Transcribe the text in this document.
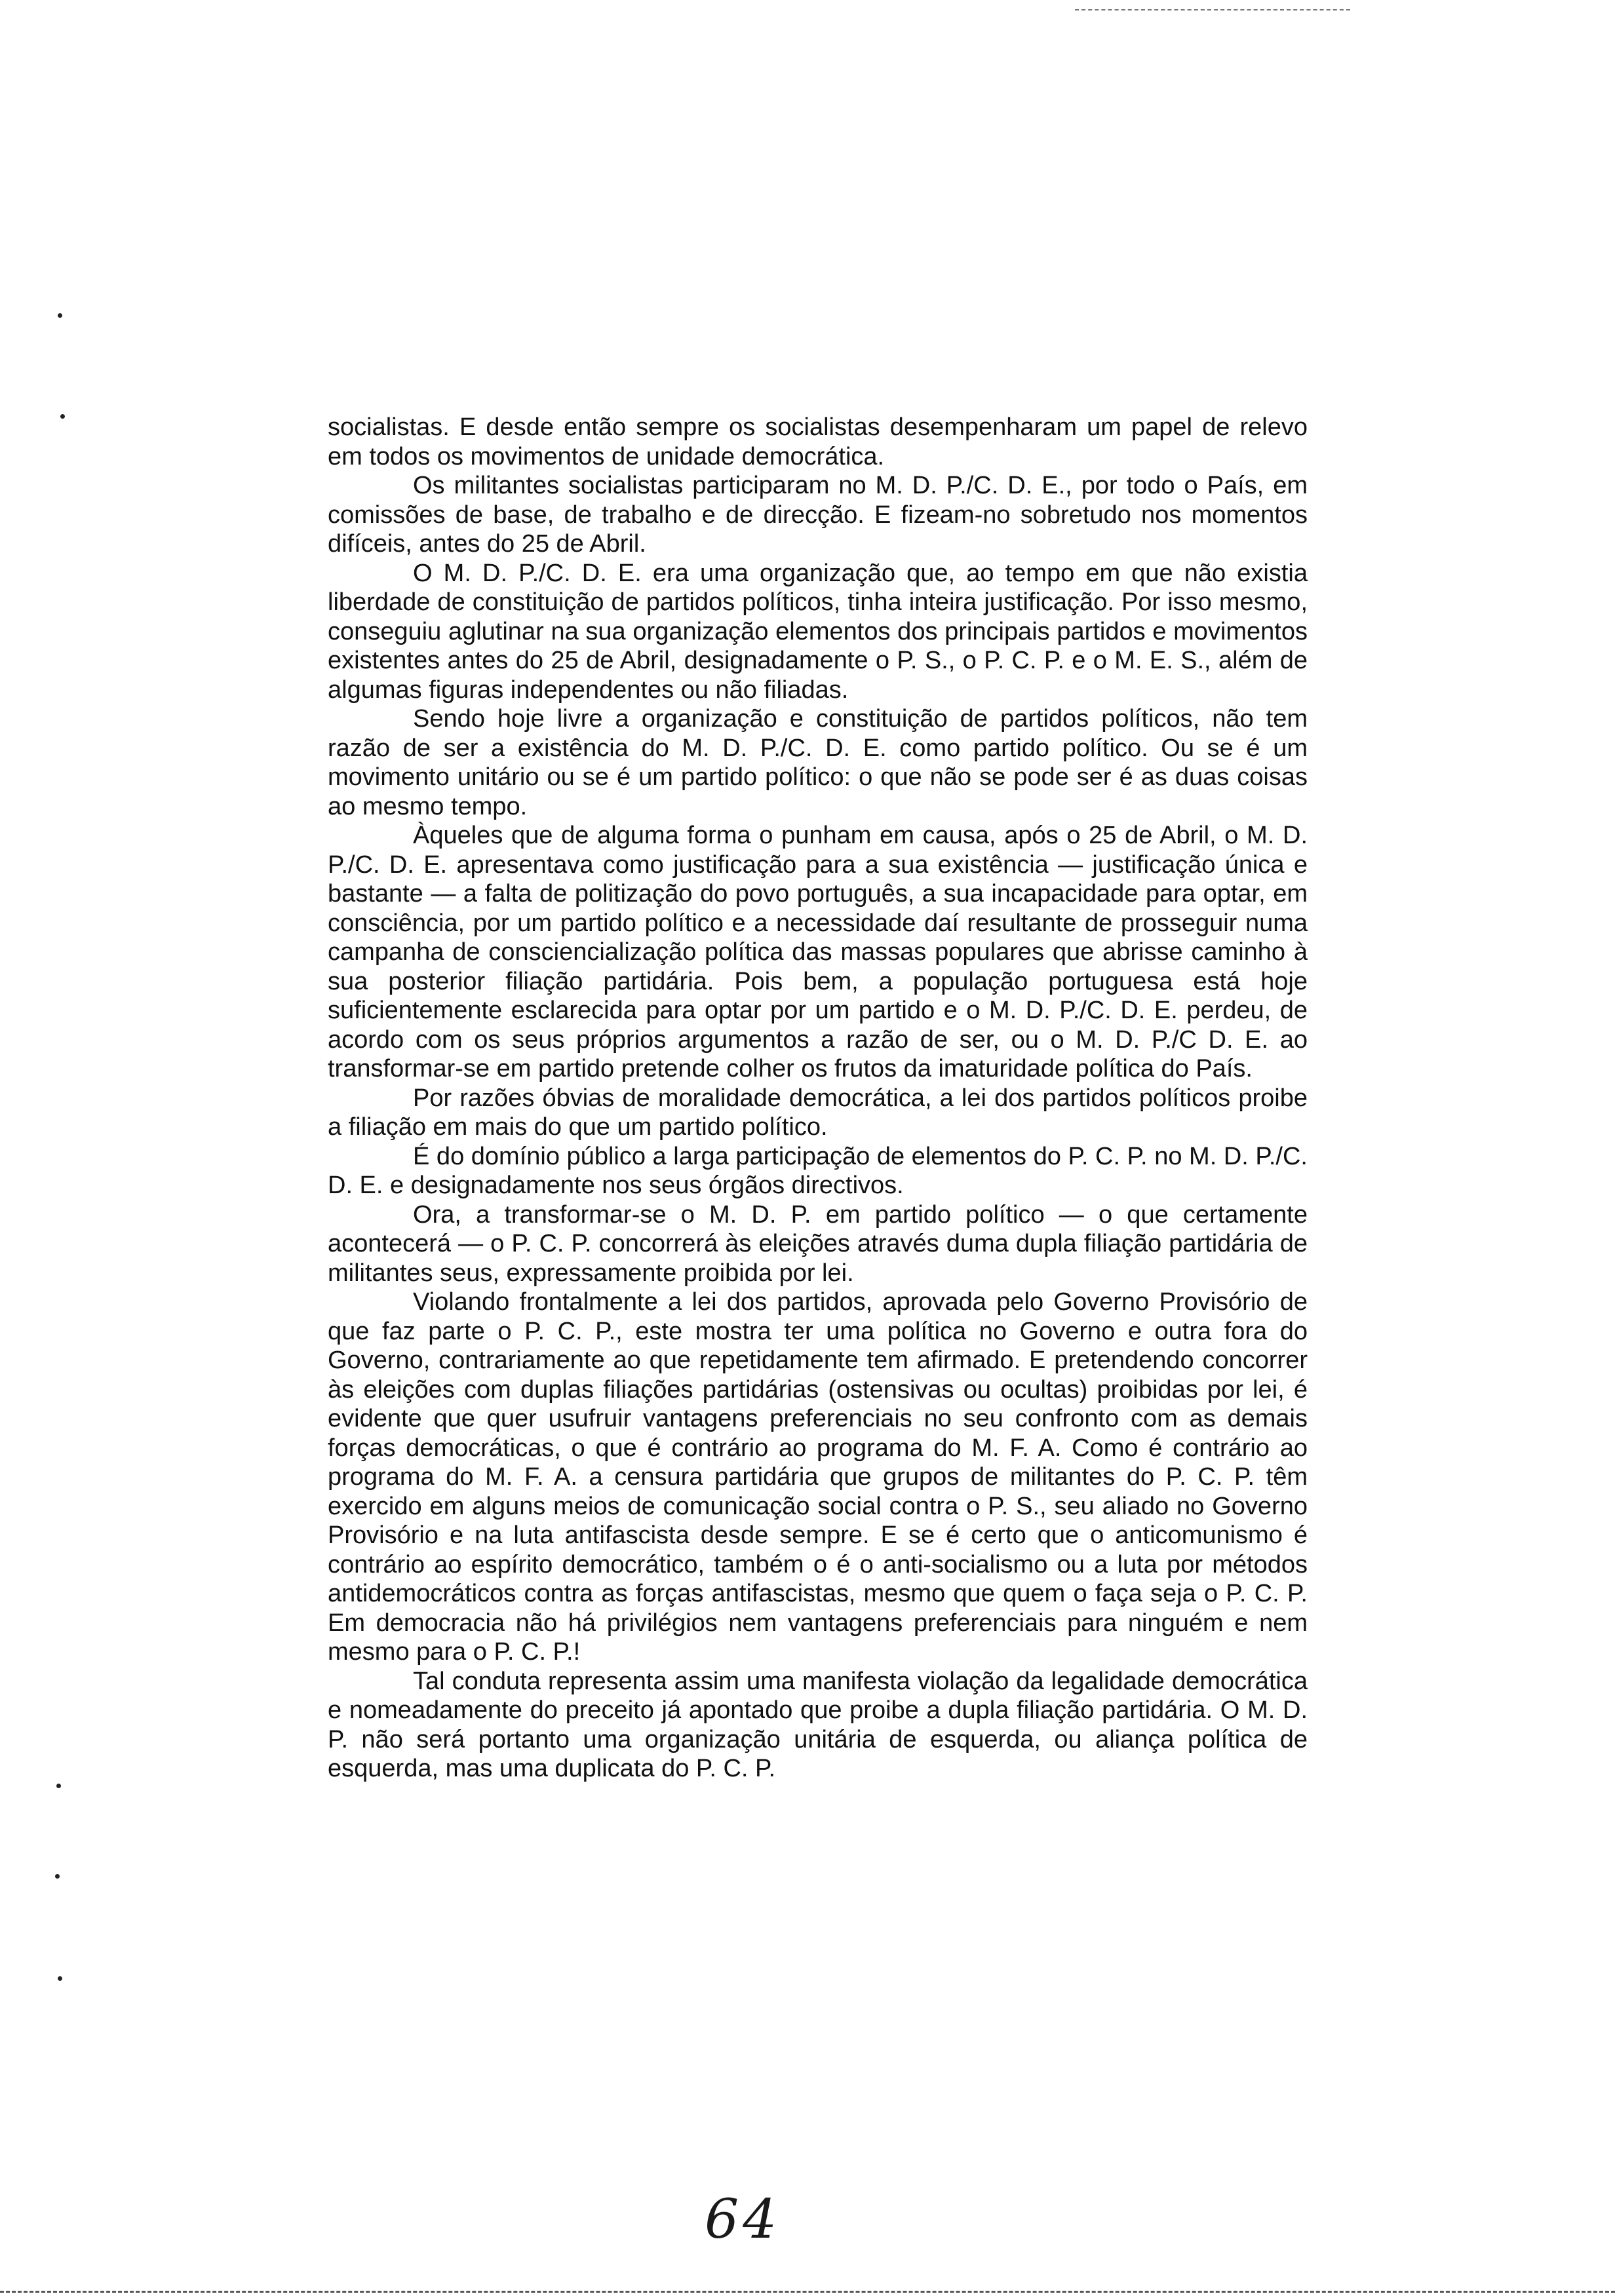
socialistas. E desde então sempre os socialistas desempenharam um papel de relevo em todos os movimentos de unidade democrática.

Os militantes socialistas participaram no M. D. P./C. D. E., por todo o País, em comissões de base, de trabalho e de direcção. E fizeam-no sobretudo nos momentos difíceis, antes do 25 de Abril.

O M. D. P./C. D. E. era uma organização que, ao tempo em que não existia liberdade de constituição de partidos políticos, tinha inteira justificação. Por isso mesmo, conseguiu aglutinar na sua organização elementos dos principais partidos e movimentos existentes antes do 25 de Abril, designadamente o P. S., o P. C. P. e o M. E. S., além de algumas figuras independentes ou não filiadas.

Sendo hoje livre a organização e constituição de partidos políticos, não tem razão de ser a existência do M. D. P./C. D. E. como partido político. Ou se é um movimento unitário ou se é um partido político: o que não se pode ser é as duas coisas ao mesmo tempo.

Àqueles que de alguma forma o punham em causa, após o 25 de Abril, o M. D. P./C. D. E. apresentava como justificação para a sua existência — justificação única e bastante — a falta de politização do povo português, a sua incapacidade para optar, em consciência, por um partido político e a necessidade daí resultante de prosseguir numa campanha de consciencialização política das massas populares que abrisse caminho à sua posterior filiação partidária. Pois bem, a população portuguesa está hoje suficientemente esclarecida para optar por um partido e o M. D. P./C. D. E. perdeu, de acordo com os seus próprios argumentos a razão de ser, ou o M. D. P./C D. E. ao transformar-se em partido pretende colher os frutos da imaturidade política do País.

Por razões óbvias de moralidade democrática, a lei dos partidos políticos proibe a filiação em mais do que um partido político.

É do domínio público a larga participação de elementos do P. C. P. no M. D. P./C. D. E. e designadamente nos seus órgãos directivos.

Ora, a transformar-se o M. D. P. em partido político — o que certamente acontecerá — o P. C. P. concorrerá às eleições através duma dupla filiação partidária de militantes seus, expressamente proibida por lei.

Violando frontalmente a lei dos partidos, aprovada pelo Governo Provisório de que faz parte o P. C. P., este mostra ter uma política no Governo e outra fora do Governo, contrariamente ao que repetidamente tem afirmado. E pretendendo concorrer às eleições com duplas filiações partidárias (ostensivas ou ocultas) proibidas por lei, é evidente que quer usufruir vantagens preferenciais no seu confronto com as demais forças democráticas, o que é contrário ao programa do M. F. A. Como é contrário ao programa do M. F. A. a censura partidária que grupos de militantes do P. C. P. têm exercido em alguns meios de comunicação social contra o P. S., seu aliado no Governo Provisório e na luta antifascista desde sempre. E se é certo que o anticomunismo é contrário ao espírito democrático, também o é o anti-socialismo ou a luta por métodos antidemocráticos contra as forças antifascistas, mesmo que quem o faça seja o P. C. P. Em democracia não há privilégios nem vantagens preferenciais para ninguém e nem mesmo para o P. C. P.!

Tal conduta representa assim uma manifesta violação da legalidade democrática e nomeadamente do preceito já apontado que proibe a dupla filiação partidária. O M. D. P. não será portanto uma organização unitária de esquerda, ou aliança política de esquerda, mas uma duplicata do P. C. P.

64
